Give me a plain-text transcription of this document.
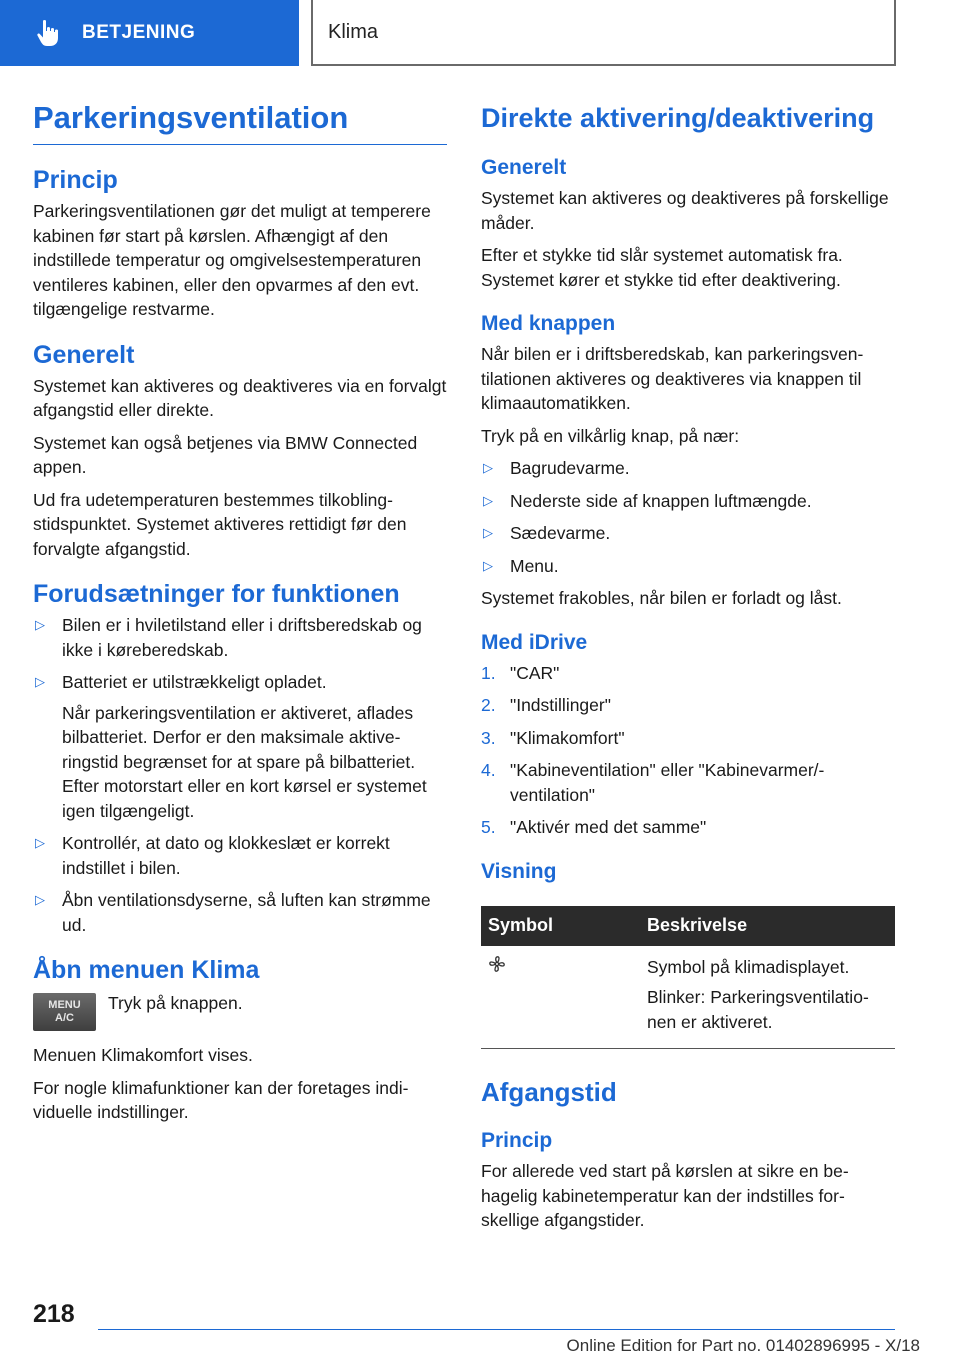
BETJENING	Klima
Parkeringsventilation
Princip

Parkeringsventilationen gør det muligt at temperere kabinen før start på kørslen. Afhængigt af den indstillede temperatur og omgivelsestemperaturen ventileres kabinen, eller den opvarmes af den evt. tilgængelige restvarme.

Generelt

Systemet kan aktiveres og deaktiveres via en forvalgt afgangstid eller direkte.

Systemet kan også betjenes via BMW Connected appen.

Ud fra udetemperaturen bestemmes tilkoblingstidspunktet. Systemet aktiveres rettidigt før den forvalgte afgangstid.

Forudsætninger for funktionen
▷ Bilen er i hviletilstand eller i driftsberedskab og ikke i køreberedskab.
▷ Batteriet er utilstrækkeligt opladet.
Når parkeringsventilation er aktiveret, aflades bilbatteriet. Derfor er den maksimale aktiveringstid begrænset for at spare på bilbatteriet. Efter motorstart eller en kort kørsel er systemet igen tilgængeligt.
▷ Kontrollér, at dato og klokkeslæt er korrekt indstillet i bilen.
▷ Åbn ventilationsdyserne, så luften kan strømme ud.
Åbn menuen Klima
MENU
A/C

Tryk på knappen.

Menuen Klimakomfort vises.

For nogle klimafunktioner kan der foretages individuelle indstillinger.

Direkte aktivering/deaktivering
Generelt

Systemet kan aktiveres og deaktiveres på forskellige måder.

Efter et stykke tid slår systemet automatisk fra. Systemet kører et stykke tid efter deaktivering.

Med knappen

Når bilen er i driftsberedskab, kan parkeringsventilationen aktiveres og deaktiveres via knappen til klimaautomatikken.

Tryk på en vilkårlig knap, på nær:

▷ Bagrudevarme.
▷ Nederste side af knappen luftmængde.
▷ Sædevarme.
▷ Menu.

Systemet frakobles, når bilen er forladt og låst.

Med iDrive
1. "CAR"
2. "Indstillinger"
3. "Klimakomfort"
4. "Kabineventilation" eller "Kabinevarmer/ventilation"
5. "Aktivér med det samme"
Visning
Symbol	Beskrivelse

Symbol på klimadisplayet.

Blinker: Parkeringsventilationen er aktiveret.

Afgangstid
Princip

For allerede ved start på kørslen at sikre en behagelig kabinetemperatur kan der indstilles forskellige afgangstider.

218
Online Edition for Part no. 01402896995 - X/18
